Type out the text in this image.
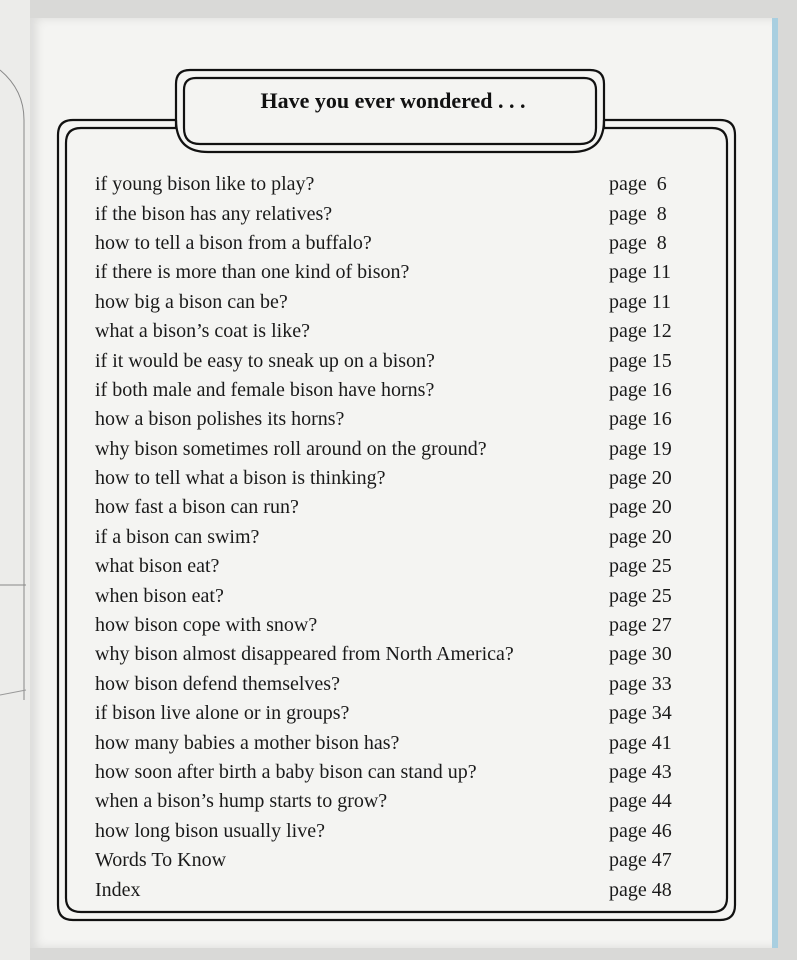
Have you ever wondered . . .
if young bison like to play?	page  6
if the bison has any relatives?	page  8
how to tell a bison from a buffalo?	page  8
if there is more than one kind of bison?	page 11
how big a bison can be?	page 11
what a bison’s coat is like?	page 12
if it would be easy to sneak up on a bison?	page 15
if both male and female bison have horns?	page 16
how a bison polishes its horns?	page 16
why bison sometimes roll around on the ground?	page 19
how to tell what a bison is thinking?	page 20
how fast a bison can run?	page 20
if a bison can swim?	page 20
what bison eat?	page 25
when bison eat?	page 25
how bison cope with snow?	page 27
why bison almost disappeared from North America?	page 30
how bison defend themselves?	page 33
if bison live alone or in groups?	page 34
how many babies a mother bison has?	page 41
how soon after birth a baby bison can stand up?	page 43
when a bison’s hump starts to grow?	page 44
how long bison usually live?	page 46
Words To Know	page 47
Index	page 48
